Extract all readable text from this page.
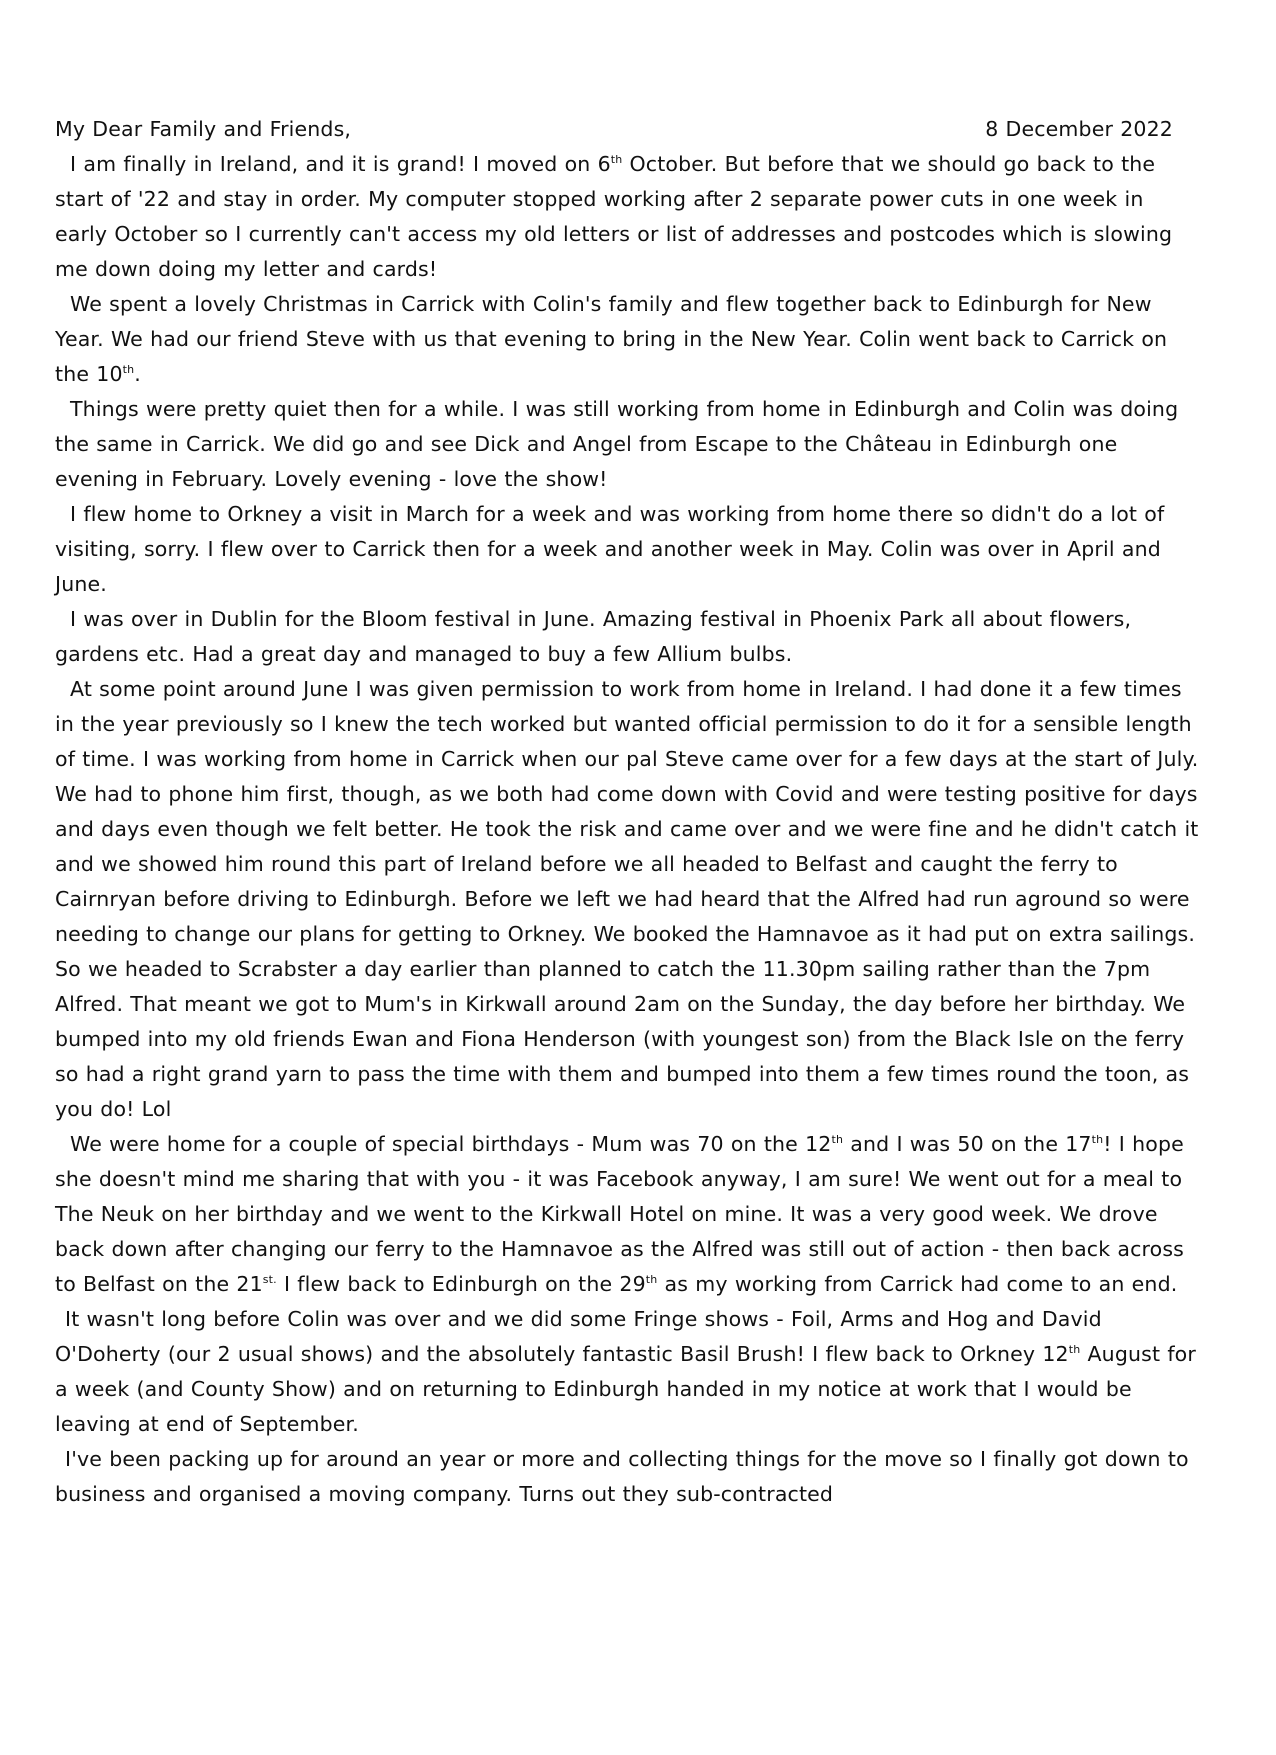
My Dear Family and Friends,	8 December 2022

I am finally in Ireland, and it is grand! I moved on 6th October. But before that we should go back to the start of '22 and stay in order. My computer stopped working after 2 separate power cuts in one week in early October so I currently can't access my old letters or list of addresses and postcodes which is slowing me down doing my letter and cards!

We spent a lovely Christmas in Carrick with Colin's family and flew together back to Edinburgh for New Year. We had our friend Steve with us that evening to bring in the New Year. Colin went back to Carrick on the 10th.

Things were pretty quiet then for a while. I was still working from home in Edinburgh and Colin was doing the same in Carrick. We did go and see Dick and Angel from Escape to the Château in Edinburgh one evening in February. Lovely evening - love the show!

I flew home to Orkney a visit in March for a week and was working from home there so didn't do a lot of visiting, sorry. I flew over to Carrick then for a week and another week in May. Colin was over in April and June.

I was over in Dublin for the Bloom festival in June. Amazing festival in Phoenix Park all about flowers, gardens etc. Had a great day and managed to buy a few Allium bulbs.

At some point around June I was given permission to work from home in Ireland. I had done it a few times in the year previously so I knew the tech worked but wanted official permission to do it for a sensible length of time. I was working from home in Carrick when our pal Steve came over for a few days at the start of July. We had to phone him first, though, as we both had come down with Covid and were testing positive for days and days even though we felt better. He took the risk and came over and we were fine and he didn't catch it and we showed him round this part of Ireland before we all headed to Belfast and caught the ferry to Cairnryan before driving to Edinburgh. Before we left we had heard that the Alfred had run aground so were needing to change our plans for getting to Orkney. We booked the Hamnavoe as it had put on extra sailings. So we headed to Scrabster a day earlier than planned to catch the 11.30pm sailing rather than the 7pm Alfred. That meant we got to Mum's in Kirkwall around 2am on the Sunday, the day before her birthday. We bumped into my old friends Ewan and Fiona Henderson (with youngest son) from the Black Isle on the ferry so had a right grand yarn to pass the time with them and bumped into them a few times round the toon, as you do! Lol

We were home for a couple of special birthdays - Mum was 70 on the 12th and I was 50 on the 17th! I hope she doesn't mind me sharing that with you - it was Facebook anyway, I am sure! We went out for a meal to The Neuk on her birthday and we went to the Kirkwall Hotel on mine. It was a very good week. We drove back down after changing our ferry to the Hamnavoe as the Alfred was still out of action - then back across to Belfast on the $21^{st.}$ I flew back to Edinburgh on the 29th as my working from Carrick had come to an end.

It wasn't long before Colin was over and we did some Fringe shows - Foil, Arms and Hog and David O'Doherty (our 2 usual shows) and the absolutely fantastic Basil Brush! I flew back to Orkney 12th August for a week (and County Show) and on returning to Edinburgh handed in my notice at work that I would be leaving at end of September.

I've been packing up for around an year or more and collecting things for the move so I finally got down to business and organised a moving company. Turns out they sub-contracted
